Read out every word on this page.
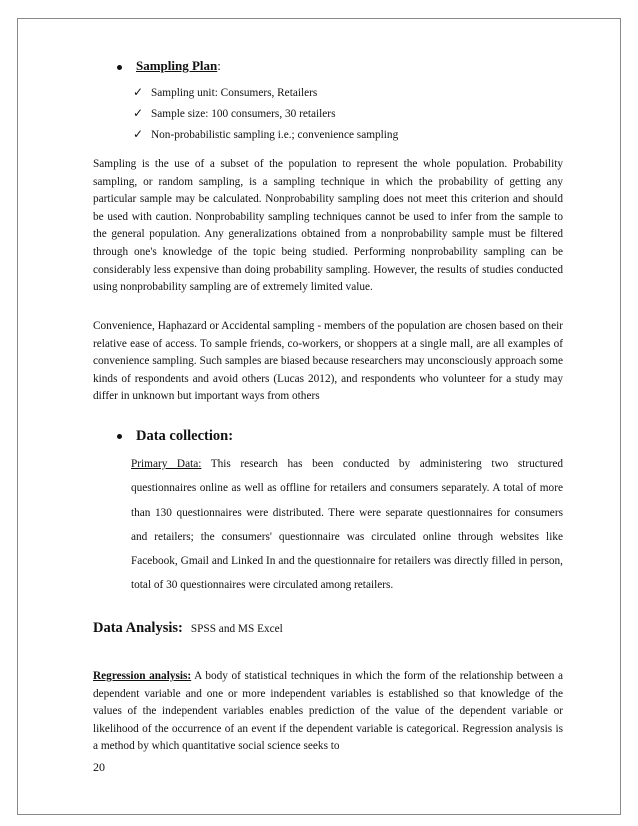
Sampling Plan:
✓ Sampling unit: Consumers, Retailers
✓ Sample size: 100 consumers, 30 retailers
✓ Non-probabilistic sampling i.e.; convenience sampling

Sampling is the use of a subset of the population to represent the whole population. Probability sampling, or random sampling, is a sampling technique in which the probability of getting any particular sample may be calculated. Nonprobability sampling does not meet this criterion and should be used with caution. Nonprobability sampling techniques cannot be used to infer from the sample to the general population. Any generalizations obtained from a nonprobability sample must be filtered through one's knowledge of the topic being studied. Performing nonprobability sampling can be considerably less expensive than doing probability sampling. However, the results of studies conducted using nonprobability sampling are of extremely limited value.

Convenience, Haphazard or Accidental sampling - members of the population are chosen based on their relative ease of access. To sample friends, co-workers, or shoppers at a single mall, are all examples of convenience sampling. Such samples are biased because researchers may unconsciously approach some kinds of respondents and avoid others (Lucas 2012), and respondents who volunteer for a study may differ in unknown but important ways from others

Data collection:

Primary Data: This research has been conducted by administering two structured questionnaires online as well as offline for retailers and consumers separately. A total of more than 130 questionnaires were distributed. There were separate questionnaires for consumers and retailers; the consumers' questionnaire was circulated online through websites like Facebook, Gmail and Linked In and the questionnaire for retailers was directly filled in person, total of 30 questionnaires were circulated among retailers.

Data Analysis: SPSS and MS Excel

Regression analysis: A body of statistical techniques in which the form of the relationship between a dependent variable and one or more independent variables is established so that knowledge of the values of the independent variables enables prediction of the value of the dependent variable or likelihood of the occurrence of an event if the dependent variable is categorical. Regression analysis is a method by which quantitative social science seeks to

20
